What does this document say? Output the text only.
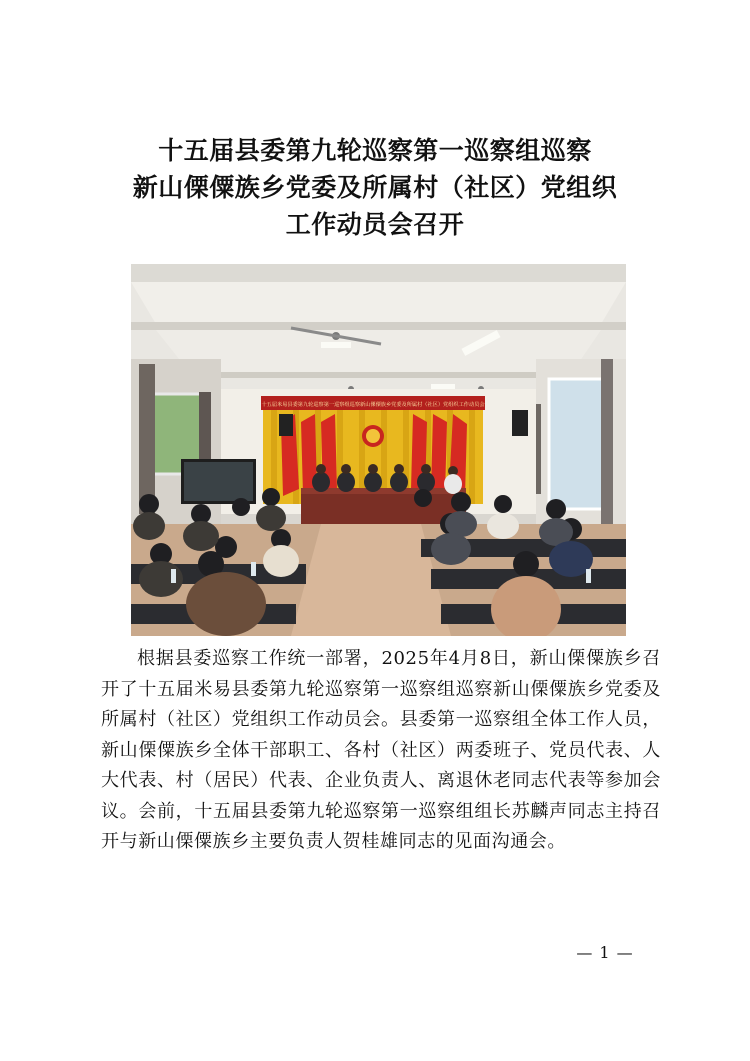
十五届县委第九轮巡察第一巡察组巡察
新山傈僳族乡党委及所属村（社区）党组织
工作动员会召开
十五届米易县委第九轮巡察第一巡察组巡察新山傈僳族乡党委及所属村（社区）党组织工作动员会
根据县委巡察工作统一部署，2025年4月8日，新山傈僳族乡召开了十五届米易县委第九轮巡察第一巡察组巡察新山傈僳族乡党委及所属村（社区）党组织工作动员会。县委第一巡察组全体工作人员，新山傈僳族乡全体干部职工、各村（社区）两委班子、党员代表、人大代表、村（居民）代表、企业负责人、离退休老同志代表等参加会议。会前，十五届县委第九轮巡察第一巡察组组长苏麟声同志主持召开与新山傈僳族乡主要负责人贺桂雄同志的见面沟通会。
— 1 —
